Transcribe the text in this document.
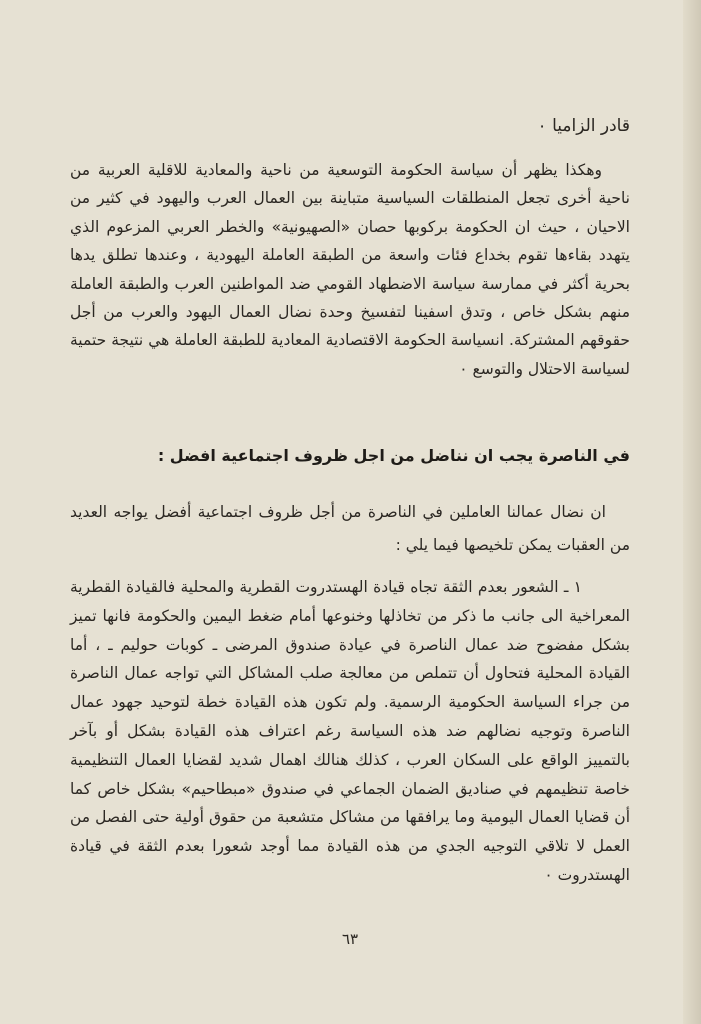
قادر الزاميا ٠

وهكذا يظهر أن سياسة الحكومة التوسعية من ناحية والمعادية للاقلية العربية من ناحية أخرى تجعل المنطلقات السياسية متباينة بين العمال العرب واليهود في كثير من الاحيان ، حيث ان الحكومة بركوبها حصان «الصهيونية» والخطر العربي المزعوم الذي يتهدد بقاءها تقوم بخداع فئات واسعة من الطبقة العاملة اليهودية ، وعندها تطلق يدها بحرية أكثر في ممارسة سياسة الاضطهاد القومي ضد المواطنين العرب والطبقة العاملة منهم بشكل خاص ، وتدق اسفينا لتفسيخ وحدة نضال العمال اليهود والعرب من أجل حقوقهم المشتركة. انسياسة الحكومة الاقتصادية المعادية للطبقة العاملة هي نتيجة حتمية لسياسة الاحتلال والتوسع ٠

في الناصرة يجب ان نناضل من اجل ظروف اجتماعية افضل :

ان نضال عمالنا العاملين في الناصرة من أجل ظروف اجتماعية أفضل يواجه العديد من العقبات يمكن تلخيصها فيما يلي :

١ ـ الشعور بعدم الثقة تجاه قيادة الهستدروت القطرية والمحلية فالقيادة القطرية المعراخية الى جانب ما ذكر من تخاذلها وخنوعها أمام ضغط اليمين والحكومة فانها تميز بشكل مفضوح ضد عمال الناصرة في عيادة صندوق المرضى ـ كوبات حوليم ـ ، أما القيادة المحلية فتحاول أن تتملص من معالجة صلب المشاكل التي تواجه عمال الناصرة من جراء السياسة الحكومية الرسمية. ولم تكون هذه القيادة خطة لتوحيد جهود عمال الناصرة وتوجيه نضالهم ضد هذه السياسة رغم اعتراف هذه القيادة بشكل أو بآخر بالتمييز الواقع على السكان العرب ، كذلك هنالك اهمال شديد لقضايا العمال التنظيمية خاصة تنظيمهم في صناديق الضمان الجماعي في صندوق «مبطاحيم» بشكل خاص كما أن قضايا العمال اليومية وما يرافقها من مشاكل متشعبة من حقوق أولية حتى الفصل من العمل لا تلاقي التوجيه الجدي من هذه القيادة مما أوجد شعورا بعدم الثقة في قيادة الهستدروت ٠

٦٣
